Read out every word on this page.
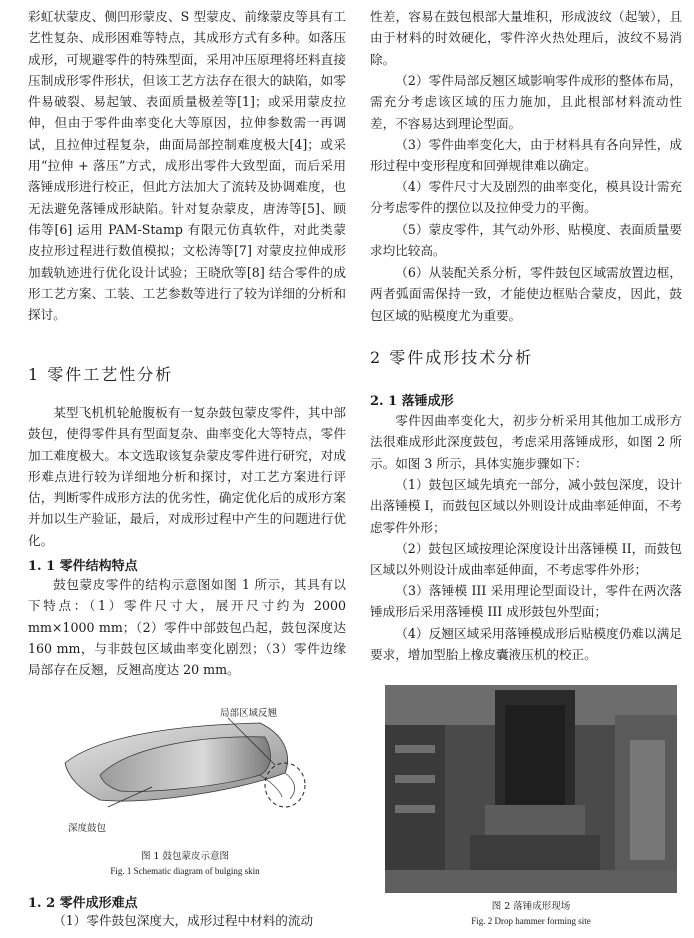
彩虹状蒙皮、侧凹形蒙皮、S 型蒙皮、前缘蒙皮等具有工艺性复杂、成形困难等特点，其成形方式有多种。如落压成形，可规避零件的特殊型面，采用冲压原理将坯料直接压制成形零件形状，但该工艺方法存在很大的缺陷，如零件易破裂、易起皱、表面质量极差等[1]；或采用蒙皮拉伸，但由于零件曲率变化大等原因，拉伸参数需一再调试，且拉伸过程复杂，曲面局部控制难度极大[4]；或采用“拉伸 + 落压”方式，成形出零件大致型面，而后采用落锤成形进行校正，但此方法加大了流转及协调难度，也无法避免落锤成形缺陷。针对复杂蒙皮，唐涛等[5]、顾伟等[6] 运用 PAM-Stamp 有限元仿真软件，对此类蒙皮拉形过程进行数值模拟；文松涛等[7] 对蒙皮拉伸成形加载轨迹进行优化设计试验；王晓欣等[8] 结合零件的成形工艺方案、工装、工艺参数等进行了较为详细的分析和探讨。

1 零件工艺性分析

某型飞机机轮舱腹板有一复杂鼓包蒙皮零件，其中部鼓包，使得零件具有型面复杂、曲率变化大等特点，零件加工难度极大。本文选取该复杂蒙皮零件进行研究，对成形难点进行较为详细地分析和探讨，对工艺方案进行评估，判断零件成形方法的优劣性，确定优化后的成形方案并加以生产验证，最后，对成形过程中产生的问题进行优化。

1. 1 零件结构特点

鼓包蒙皮零件的结构示意图如图 1 所示，其具有以下特点：（1）零件尺寸大，展开尺寸约为 2000 mm×1000 mm；（2）零件中部鼓包凸起，鼓包深度达 160 mm，与非鼓包区域曲率变化剧烈；（3）零件边缘局部存在反翘，反翘高度达 20 mm。

1. 2 零件成形难点

（1）零件鼓包深度大，成形过程中材料的流动

局部区域反翘
深度鼓包

图 1 鼓包蒙皮示意图

Fig. 1 Schematic diagram of bulging skin

性差，容易在鼓包根部大量堆积，形成波纹（起皱），且由于材料的时效硬化，零件淬火热处理后，波纹不易消除。

（2）零件局部反翘区域影响零件成形的整体布局，需充分考虑该区域的压力施加，且此根部材料流动性差，不容易达到理论型面。

（3）零件曲率变化大，由于材料具有各向异性，成形过程中变形程度和回弹规律难以确定。

（4）零件尺寸大及剧烈的曲率变化，模具设计需充分考虑零件的摆位以及拉伸受力的平衡。

（5）蒙皮零件，其气动外形、贴模度、表面质量要求均比较高。

（6）从装配关系分析，零件鼓包区域需放置边框，两者弧面需保持一致，才能使边框贴合蒙皮，因此，鼓包区域的贴模度尤为重要。

2 零件成形技术分析
2. 1 落锤成形

零件因曲率变化大，初步分析采用其他加工成形方法很难成形此深度鼓包，考虑采用落锤成形，如图 2 所示。如图 3 所示，具体实施步骤如下：

（1）鼓包区域先填充一部分，减小鼓包深度，设计出落锤模 I，而鼓包区域以外则设计成曲率延伸面，不考虑零件外形；

（2）鼓包区域按理论深度设计出落锤模 II，而鼓包区域以外则设计成曲率延伸面，不考虑零件外形；

（3）落锤模 III 采用理论型面设计，零件在两次落锤成形后采用落锤模 III 成形鼓包外型面；

（4）反翘区域采用落锤模成形后贴模度仍难以满足要求，增加型胎上橡皮囊液压机的校正。

图 2 落锤成形现场

Fig. 2 Drop hammer forming site
